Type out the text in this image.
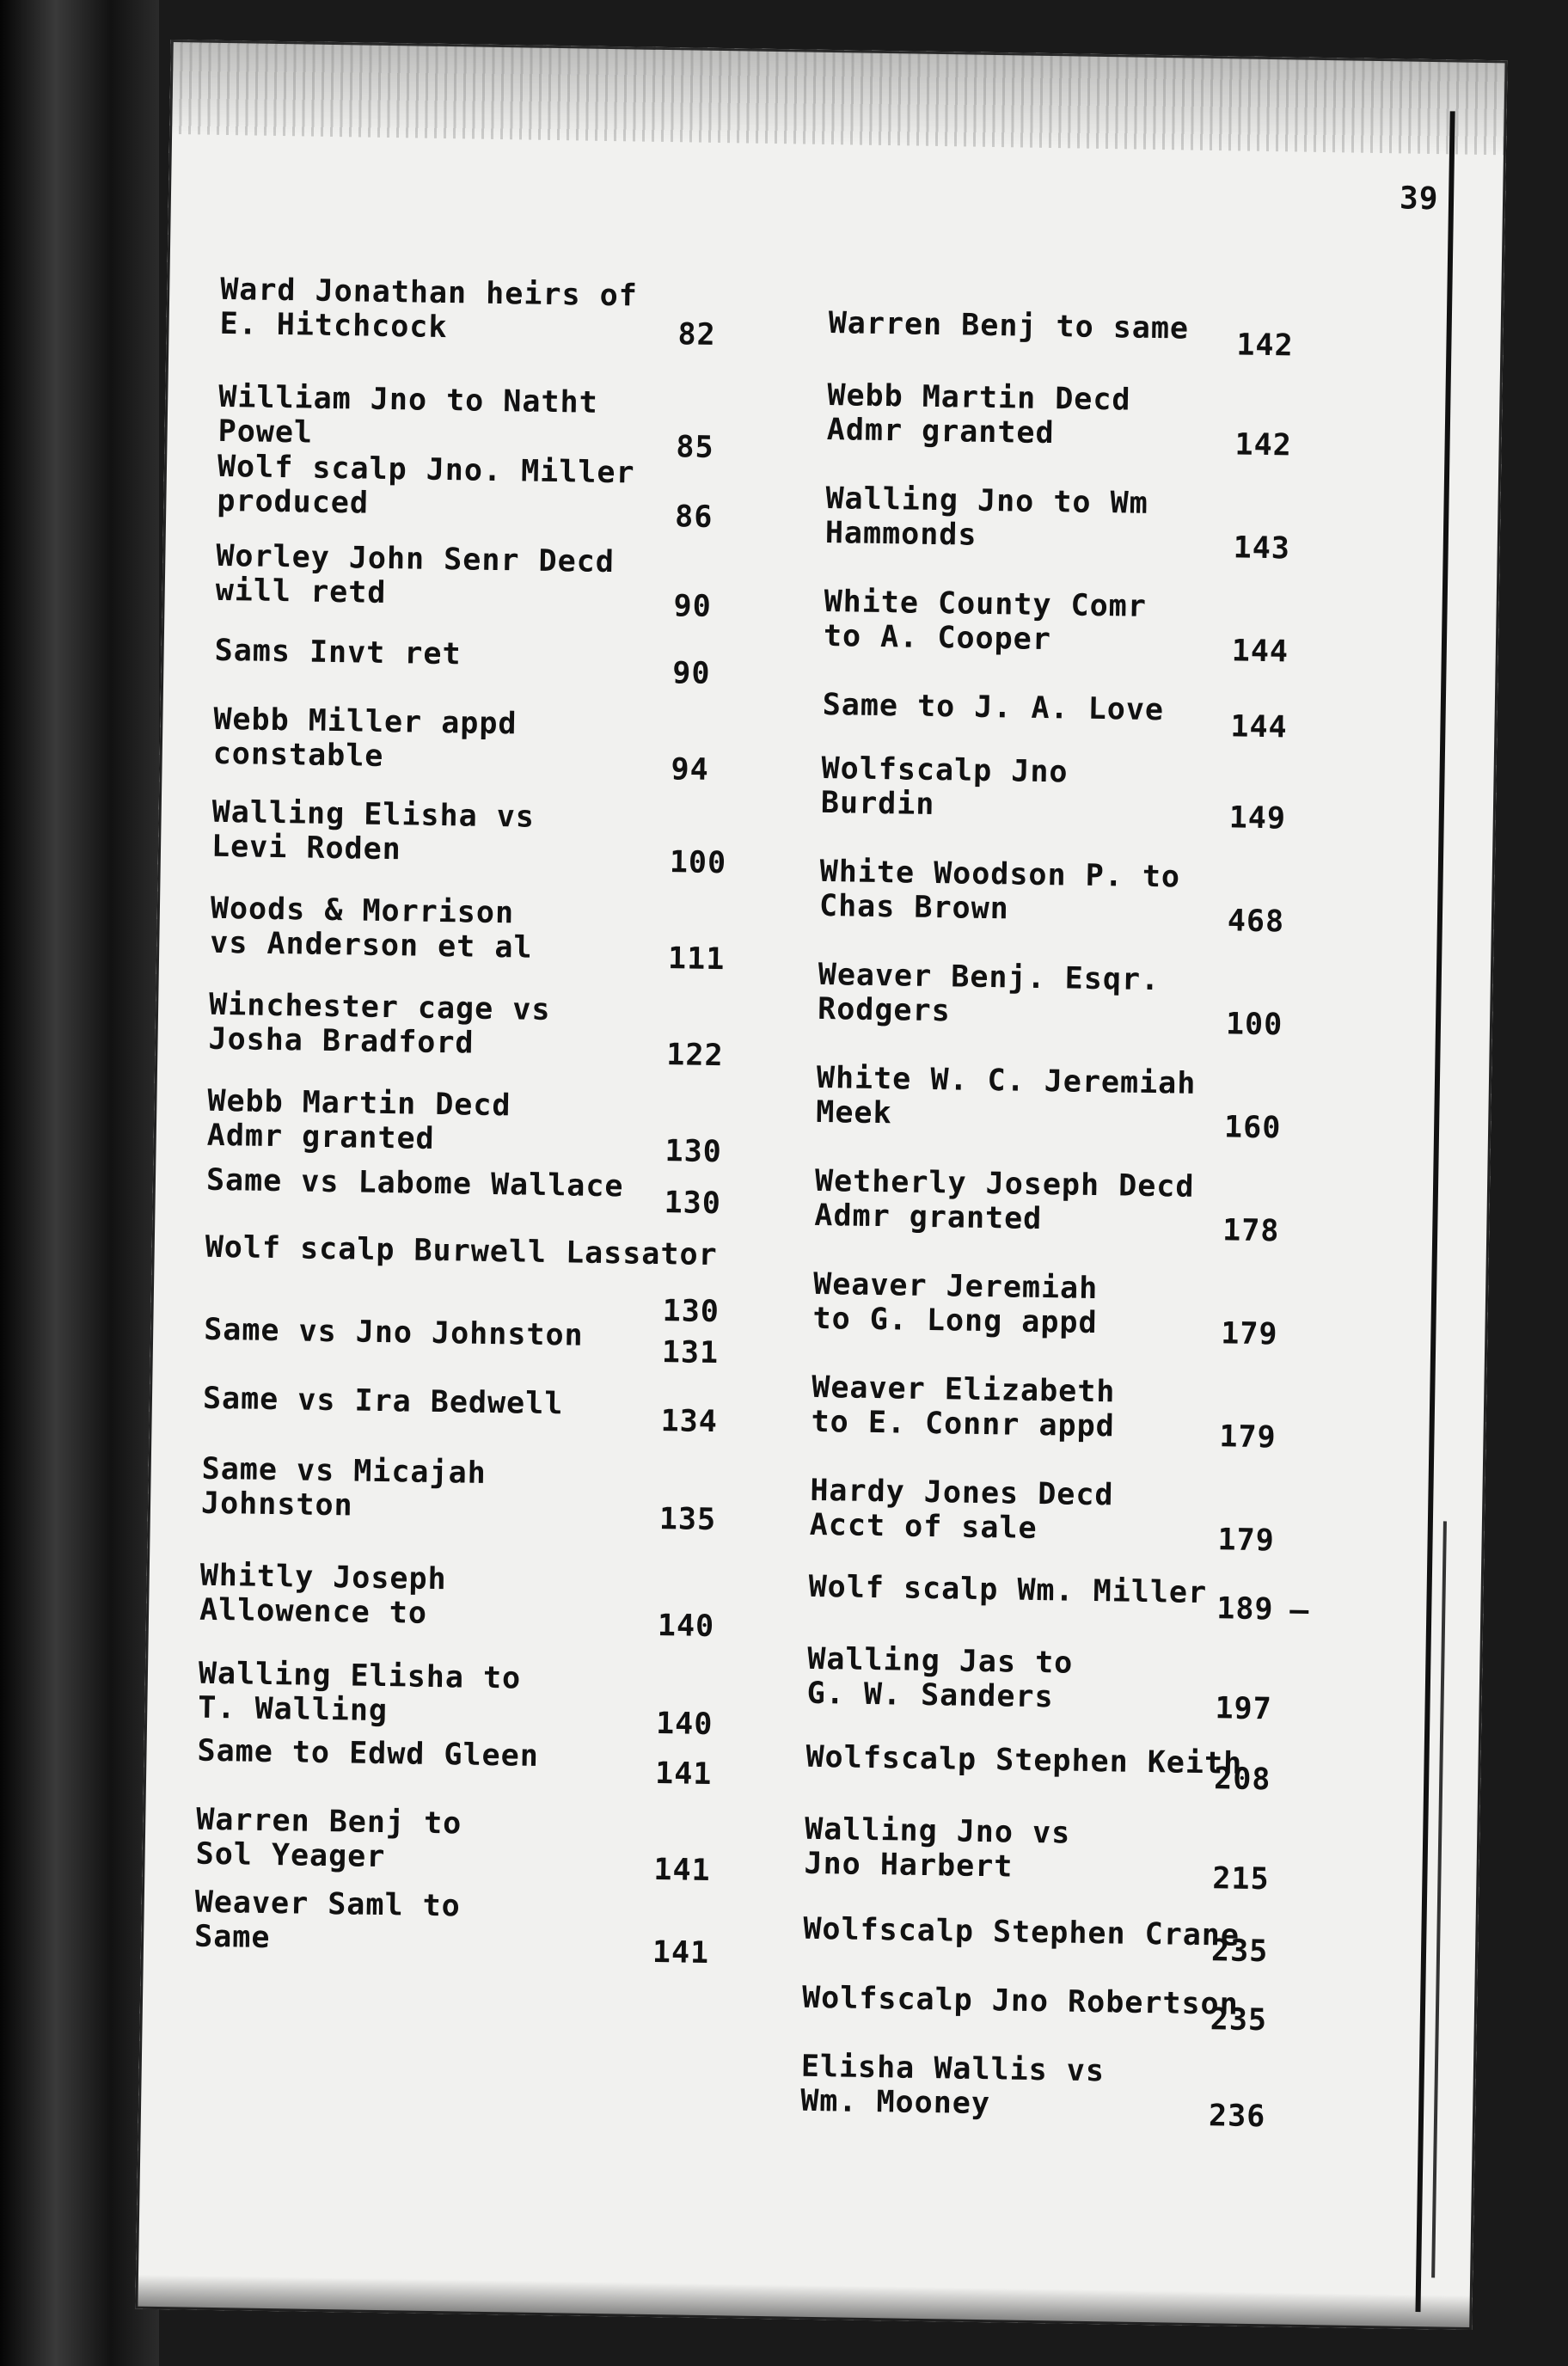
39
Ward Jonathan heirs of
E. Hitchcock	82
William Jno to Natht
Powel	85
Wolf scalp Jno. Miller
produced	86
Worley John Senr Decd
will retd	90
Sams Invt ret
90
Webb Miller appd
constable	94
Walling Elisha vs
Levi Roden	100
Woods & Morrison
vs Anderson et al	111
Winchester cage vs
Josha Bradford	122
Webb Martin Decd
Admr granted	130
Same vs Labome Wallace	130
Wolf scalp Burwell Lassator
130
Same vs Jno Johnston	131
Same vs Ira Bedwell
134
Same vs Micajah
Johnston	135
Whitly Joseph
Allowence to	140
Walling Elisha to
T. Walling	140
Same to Edwd Gleen
141
Warren Benj to
Sol Yeager	141
Weaver Saml to
Same	141
Warren Benj to same	142
Webb Martin Decd
Admr granted	142
Walling Jno to Wm
Hammonds	143
White County Comr
to A. Cooper	144
Same to J. A. Love	144
Wolfscalp Jno
Burdin	149
White Woodson P. to
Chas Brown	468
Weaver Benj. Esqr.
Rodgers	100
White W. C. Jeremiah
Meek	160
Wetherly Joseph Decd
Admr granted	178
Weaver Jeremiah
to G. Long appd	179
Weaver Elizabeth
to E. Connr appd	179
Hardy Jones Decd
Acct of sale	179
Wolf scalp Wm. Miller 189
Walling Jas to
G. W. Sanders	197
Wolfscalp Stephen Keith
208
Walling Jno vs
Jno Harbert	215
Wolfscalp Stephen Crane
235
Wolfscalp Jno Robertson
235
Elisha Wallis vs
Wm. Mooney	236
